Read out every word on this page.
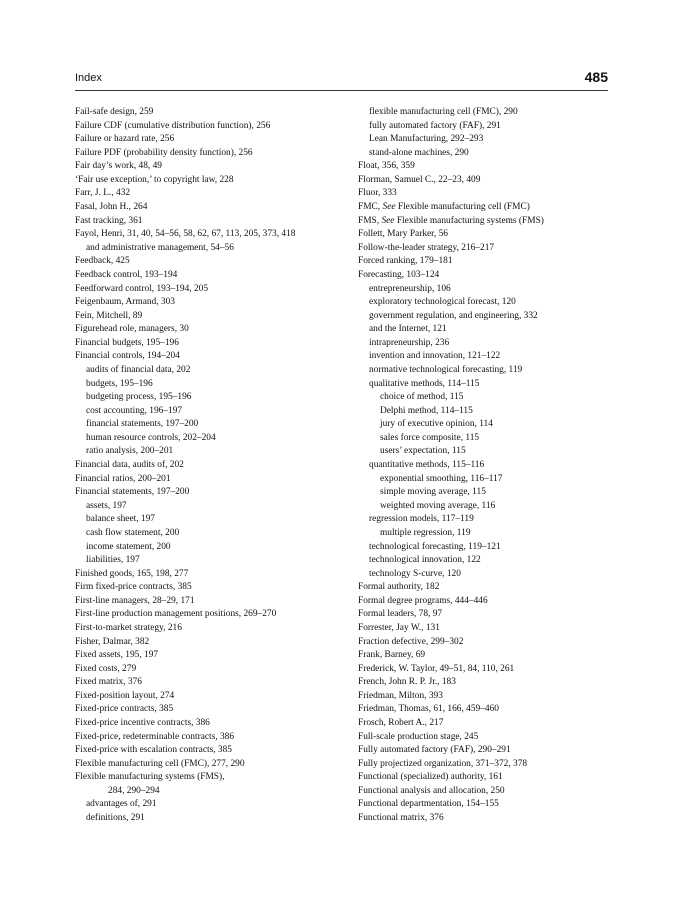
Index	485
Fail-safe design, 259
Failure CDF (cumulative distribution function), 256
Failure or hazard rate, 256
Failure PDF (probability density function), 256
Fair day’s work, 48, 49
‘Fair use exception,’ to copyright law, 228
Farr, J. L., 432
Fasal, John H., 264
Fast tracking, 361
Fayol, Henri, 31, 40, 54–56, 58, 62, 67, 113, 205, 373, 418
and administrative management, 54–56
Feedback, 425
Feedback control, 193–194
Feedforward control, 193–194, 205
Feigenbaum, Armand, 303
Fein, Mitchell, 89
Figurehead role, managers, 30
Financial budgets, 195–196
Financial controls, 194–204
audits of financial data, 202
budgets, 195–196
budgeting process, 195–196
cost accounting, 196–197
financial statements, 197–200
human resource controls, 202–204
ratio analysis, 200–201
Financial data, audits of, 202
Financial ratios, 200–201
Financial statements, 197–200
assets, 197
balance sheet, 197
cash flow statement, 200
income statement, 200
liabilities, 197
Finished goods, 165, 198, 277
Firm fixed-price contracts, 385
First-line managers, 28–29, 171
First-line production management positions, 269–270
First-to-market strategy, 216
Fisher, Dalmar, 382
Fixed assets, 195, 197
Fixed costs, 279
Fixed matrix, 376
Fixed-position layout, 274
Fixed-price contracts, 385
Fixed-price incentive contracts, 386
Fixed-price, redeterminable contracts, 386
Fixed-price with escalation contracts, 385
Flexible manufacturing cell (FMC), 277, 290
Flexible manufacturing systems (FMS),
284, 290–294
advantages of, 291
definitions, 291
flexible manufacturing cell (FMC), 290
fully automated factory (FAF), 291
Lean Manufacturing, 292–293
stand-alone machines, 290
Float, 356, 359
Florman, Samuel C., 22–23, 409
Fluor, 333
FMC, See Flexible manufacturing cell (FMC)
FMS, See Flexible manufacturing systems (FMS)
Follett, Mary Parker, 56
Follow-the-leader strategy, 216–217
Forced ranking, 179–181
Forecasting, 103–124
entrepreneurship, 106
exploratory technological forecast, 120
government regulation, and engineering, 332
and the Internet, 121
intrapreneurship, 236
invention and innovation, 121–122
normative technological forecasting, 119
qualitative methods, 114–115
choice of method, 115
Delphi method, 114–115
jury of executive opinion, 114
sales force composite, 115
users’ expectation, 115
quantitative methods, 115–116
exponential smoothing, 116–117
simple moving average, 115
weighted moving average, 116
regression models, 117–119
multiple regression, 119
technological forecasting, 119–121
technological innovation, 122
technology S-curve, 120
Formal authority, 182
Formal degree programs, 444–446
Formal leaders, 78, 97
Forrester, Jay W., 131
Fraction defective, 299–302
Frank, Barney, 69
Frederick, W. Taylor, 49–51, 84, 110, 261
French, John R. P. Jr., 183
Friedman, Milton, 393
Friedman, Thomas, 61, 166, 459–460
Frosch, Robert A., 217
Full-scale production stage, 245
Fully automated factory (FAF), 290–291
Fully projectized organization, 371–372, 378
Functional (specialized) authority, 161
Functional analysis and allocation, 250
Functional departmentation, 154–155
Functional matrix, 376
